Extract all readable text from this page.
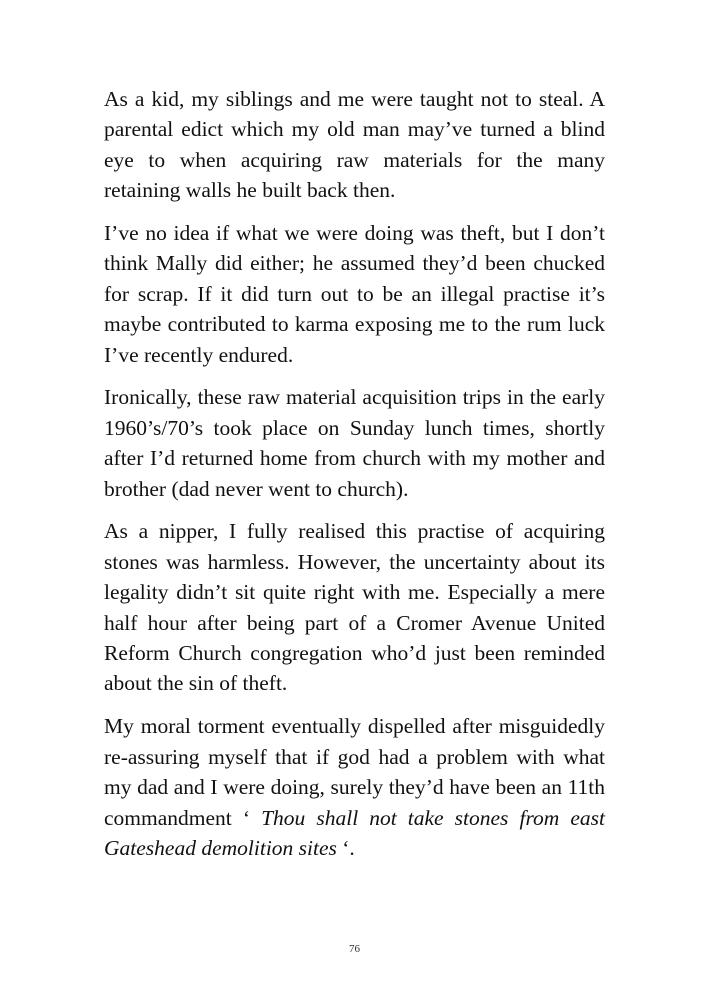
As a kid, my siblings and me were taught not to steal. A parental edict which my old man may’ve turned a blind eye to when acquiring raw materials for the many retaining walls he built back then.

I’ve no idea if what we were doing was theft, but I don’t think Mally did either; he assumed they’d been chucked for scrap. If it did turn out to be an illegal practise it’s maybe contributed to karma exposing me to the rum luck I’ve recently endured.

Ironically, these raw material acquisition trips in the early 1960’s/70’s took place on Sunday lunch times, shortly after I’d returned home from church with my mother and brother (dad never went to church).

As a nipper, I fully realised this practise of acquiring stones was harmless. However, the uncertainty about its legality didn’t sit quite right with me. Especially a mere half hour after being part of a Cromer Avenue United Reform Church congregation who’d just been reminded about the sin of theft.

My moral torment eventually dispelled after misguidedly re-assuring myself that if god had a problem with what my dad and I were doing, surely they’d have been an 11th commandment ‘ Thou shall not take stones from east Gateshead demolition sites ‘.

76
